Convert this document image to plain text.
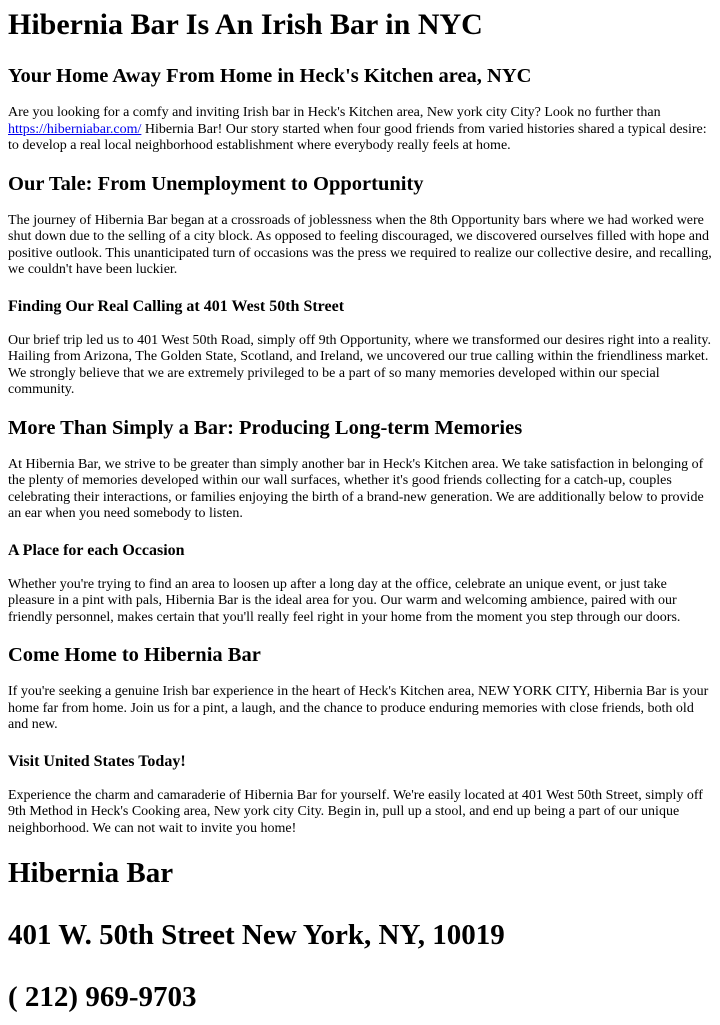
Hibernia Bar Is An Irish Bar in NYC
Your Home Away From Home in Heck's Kitchen area, NYC

Are you looking for a comfy and inviting Irish bar in Heck's Kitchen area, New york city City? Look no further than https://hiberniabar.com/ Hibernia Bar! Our story started when four good friends from varied histories shared a typical desire: to develop a real local neighborhood establishment where everybody really feels at home.

Our Tale: From Unemployment to Opportunity

The journey of Hibernia Bar began at a crossroads of joblessness when the 8th Opportunity bars where we had worked were shut down due to the selling of a city block. As opposed to feeling discouraged, we discovered ourselves filled with hope and positive outlook. This unanticipated turn of occasions was the press we required to realize our collective desire, and recalling, we couldn't have been luckier.

Finding Our Real Calling at 401 West 50th Street

Our brief trip led us to 401 West 50th Road, simply off 9th Opportunity, where we transformed our desires right into a reality. Hailing from Arizona, The Golden State, Scotland, and Ireland, we uncovered our true calling within the friendliness market. We strongly believe that we are extremely privileged to be a part of so many memories developed within our special community.

More Than Simply a Bar: Producing Long-term Memories

At Hibernia Bar, we strive to be greater than simply another bar in Heck's Kitchen area. We take satisfaction in belonging of the plenty of memories developed within our wall surfaces, whether it's good friends collecting for a catch-up, couples celebrating their interactions, or families enjoying the birth of a brand-new generation. We are additionally below to provide an ear when you need somebody to listen.

A Place for each Occasion

Whether you're trying to find an area to loosen up after a long day at the office, celebrate an unique event, or just take pleasure in a pint with pals, Hibernia Bar is the ideal area for you. Our warm and welcoming ambience, paired with our friendly personnel, makes certain that you'll really feel right in your home from the moment you step through our doors.

Come Home to Hibernia Bar

If you're seeking a genuine Irish bar experience in the heart of Heck's Kitchen area, NEW YORK CITY, Hibernia Bar is your home far from home. Join us for a pint, a laugh, and the chance to produce enduring memories with close friends, both old and new.

Visit United States Today!

Experience the charm and camaraderie of Hibernia Bar for yourself. We're easily located at 401 West 50th Street, simply off 9th Method in Heck's Cooking area, New york city City. Begin in, pull up a stool, and end up being a part of our unique neighborhood. We can not wait to invite you home!

Hibernia Bar
401 W. 50th Street New York, NY, 10019
( 212) 969-9703
